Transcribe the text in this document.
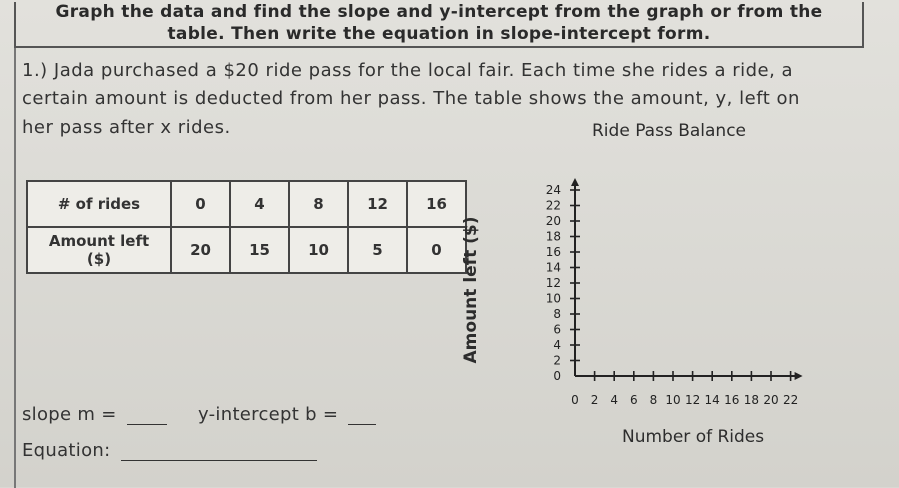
Graph the data and find the slope and y-intercept from the graph or from the
table. Then write the equation in slope-intercept form.
1.) Jada purchased a $20 ride pass for the local fair. Each time she rides a ride, a
certain amount is deducted from her pass. The table shows the amount, y, left on
her pass after x rides.
# of rides	0	4	8	12	16

Amount left
($)	20	15	10	5	0
Ride Pass Balance
Amount left ($)
Number of Rides
0 2 4 6 8 10 12 14 16 18 20 22
0
2
4
6
8
10
12
14
16
18
20
22
24
slope m =	y-intercept b =
Equation:
